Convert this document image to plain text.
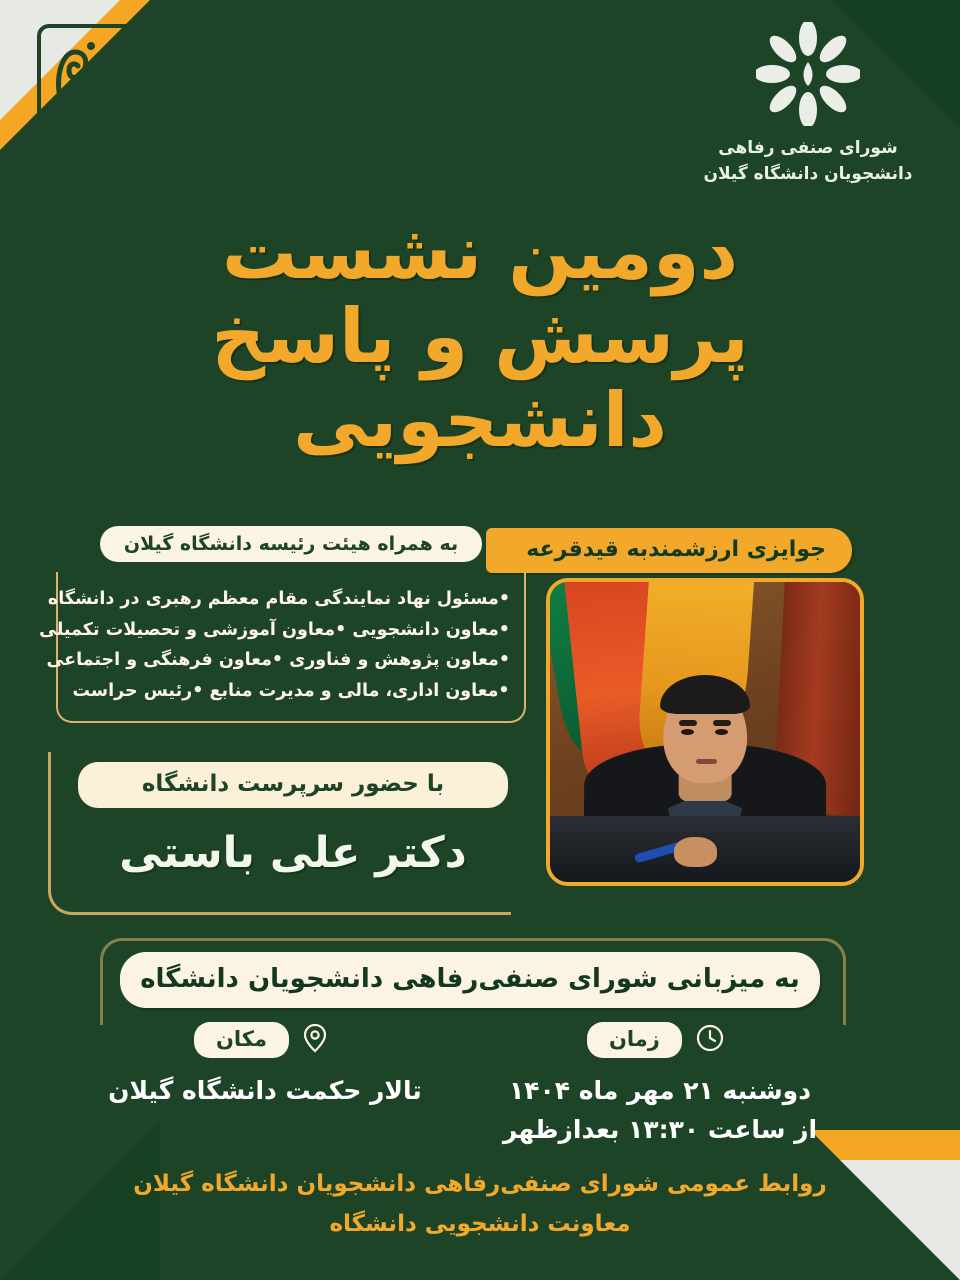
دانشگاه گیلان	شورای صنفی رفاهی
دانشجویان دانشگاه گیلان
دومین نشست
پرسش و پاسخ
دانشجویی
جوایزی ارزشمندبه قیدقرعه
به همراه هیئت رئیسه دانشگاه گیلان
•مسئول نهاد نمایندگی مقام معظم رهبری در دانشگاه
•معاون دانشجویی •معاون آموزشی و تحصیلات تکمیلی
•معاون پژوهش و فناوری •معاون فرهنگی و اجتماعی
•معاون اداری، مالی و مدیرت منابع •رئیس حراست
با حضور سرپرست دانشگاه
دکتر علی باستی
به میزبانی شورای صنفی‌رفاهی دانشجویان دانشگاه
مکان
تالار حکمت دانشگاه گیلان
زمان
دوشنبه ۲۱ مهر ماه ۱۴۰۴
از ساعت ۱۳:۳۰ بعدازظهر
روابط عمومی شورای صنفی‌رفاهی دانشجویان دانشگاه گیلان
معاونت دانشجویی دانشگاه
